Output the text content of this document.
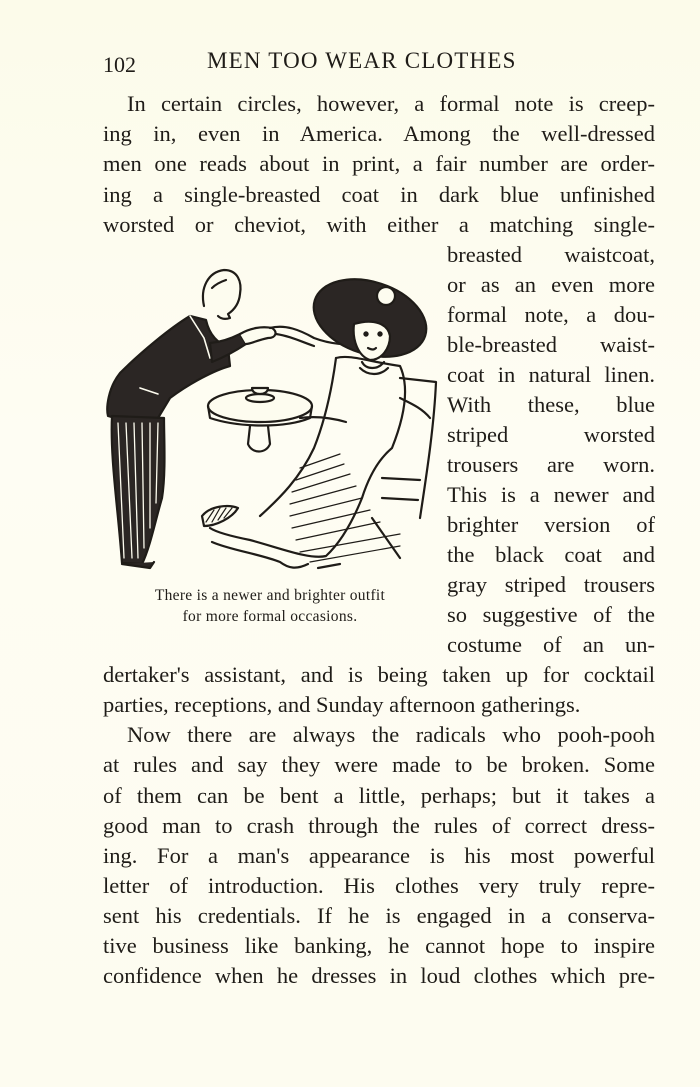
102	MEN TOO WEAR CLOTHES
In certain circles, however, a formal note is creep-
ing in, even in America. Among the well-dressed
men one reads about in print, a fair number are order-
ing a single-breasted coat in dark blue unfinished
worsted or cheviot, with either a matching single-
breasted waistcoat,
or as an even more
formal note, a dou-
ble-breasted waist-
coat in natural linen.
With these, blue
striped worsted
trousers are worn.
This is a newer and
brighter version of
the black coat and
gray striped trousers
so suggestive of the
costume of an un-
There is a newer and brighter outfit
for more formal occasions.
dertaker's assistant, and is being taken up for cocktail
parties, receptions, and Sunday afternoon gatherings.
Now there are always the radicals who pooh-pooh
at rules and say they were made to be broken. Some
of them can be bent a little, perhaps; but it takes a
good man to crash through the rules of correct dress-
ing. For a man's appearance is his most powerful
letter of introduction. His clothes very truly repre-
sent his credentials. If he is engaged in a conserva-
tive business like banking, he cannot hope to inspire
confidence when he dresses in loud clothes which pre-
